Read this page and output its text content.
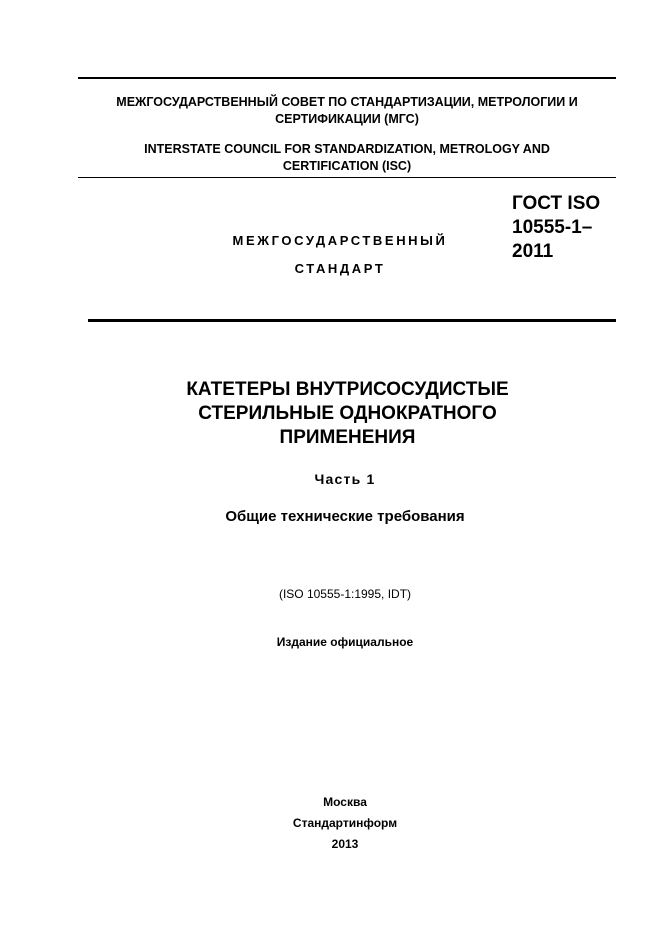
МЕЖГОСУДАРСТВЕННЫЙ СОВЕТ ПО СТАНДАРТИЗАЦИИ, МЕТРОЛОГИИ И
СЕРТИФИКАЦИИ (МГС)
INTERSTATE COUNCIL FOR STANDARDIZATION, METROLOGY AND
CERTIFICATION (ISC)
МЕЖГОСУДАРСТВЕННЫЙ
СТАНДАРТ
ГОСТ ISO
10555-1–
2011
КАТЕТЕРЫ ВНУТРИСОСУДИСТЫЕ
СТЕРИЛЬНЫЕ ОДНОКРАТНОГО
ПРИМЕНЕНИЯ
Часть 1
Общие технические требования
(ISO 10555-1:1995, IDT)
Издание официальное
Москва
Стандартинформ
2013
